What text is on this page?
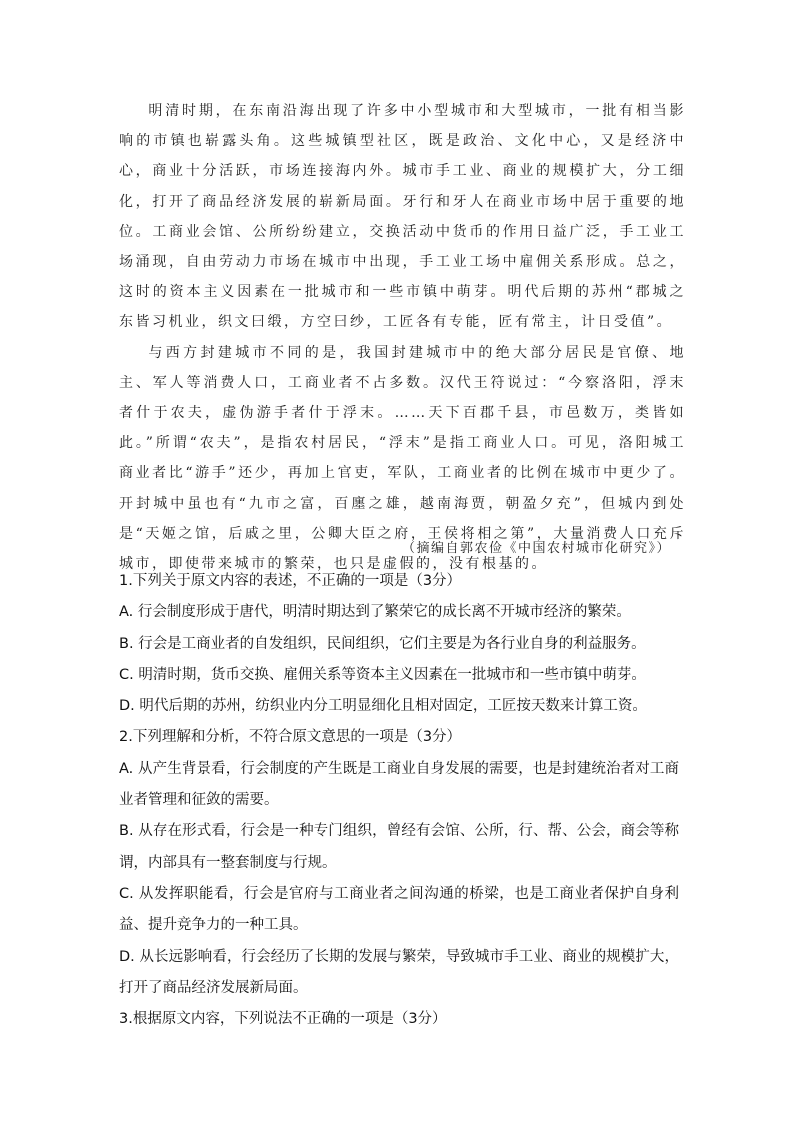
明清时期，在东南沿海出现了许多中小型城市和大型城市，一批有相当影响的市镇也崭露头角。这些城镇型社区，既是政治、文化中心，又是经济中心，商业十分活跃，市场连接海内外。城市手工业、商业的规模扩大，分工细化，打开了商品经济发展的崭新局面。牙行和牙人在商业市场中居于重要的地位。工商业会馆、公所纷纷建立，交换活动中货币的作用日益广泛，手工业工场涌现，自由劳动力市场在城市中出现，手工业工场中雇佣关系形成。总之，这时的资本主义因素在一批城市和一些市镇中萌芽。明代后期的苏州“郡城之东皆习机业，织文曰缎，方空曰纱，工匠各有专能，匠有常主，计日受值”。

与西方封建城市不同的是，我国封建城市中的绝大部分居民是官僚、地主、军人等消费人口，工商业者不占多数。汉代王符说过：“今察洛阳，浮末者什于农夫，虚伪游手者什于浮末。……天下百郡千县，市邑数万，类皆如此。”所谓“农夫”，是指农村居民，“浮末”是指工商业人口。可见，洛阳城工商业者比“游手”还少，再加上官吏，军队，工商业者的比例在城市中更少了。开封城中虽也有“九市之富，百廛之雄，越南海贾，朝盈夕充”，但城内到处是“天姬之馆，后戚之里，公卿大臣之府，王侯将相之第”，大量消费人口充斥城市，即使带来城市的繁荣，也只是虚假的，没有根基的。

（摘编自郭农俭《中国农村城市化研究》）
1.下列关于原文内容的表述，不正确的一项是（3分）
A. 行会制度形成于唐代，明清时期达到了繁荣它的成长离不开城市经济的繁荣。
B. 行会是工商业者的自发组织，民间组织，它们主要是为各行业自身的利益服务。
C. 明清时期，货币交换、雇佣关系等资本主义因素在一批城市和一些市镇中萌芽。
D. 明代后期的苏州，纺织业内分工明显细化且相对固定，工匠按天数来计算工资。
2.下列理解和分析，不符合原文意思的一项是（3分）
A. 从产生背景看，行会制度的产生既是工商业自身发展的需要，也是封建统治者对工商业者管理和征敛的需要。
B. 从存在形式看，行会是一种专门组织，曾经有会馆、公所，行、帮、公会，商会等称谓，内部具有一整套制度与行规。
C. 从发挥职能看，行会是官府与工商业者之间沟通的桥梁，也是工商业者保护自身利益、提升竞争力的一种工具。
D. 从长远影响看，行会经历了长期的发展与繁荣，导致城市手工业、商业的规模扩大，打开了商品经济发展新局面。
3.根据原文内容，下列说法不正确的一项是（3分）
